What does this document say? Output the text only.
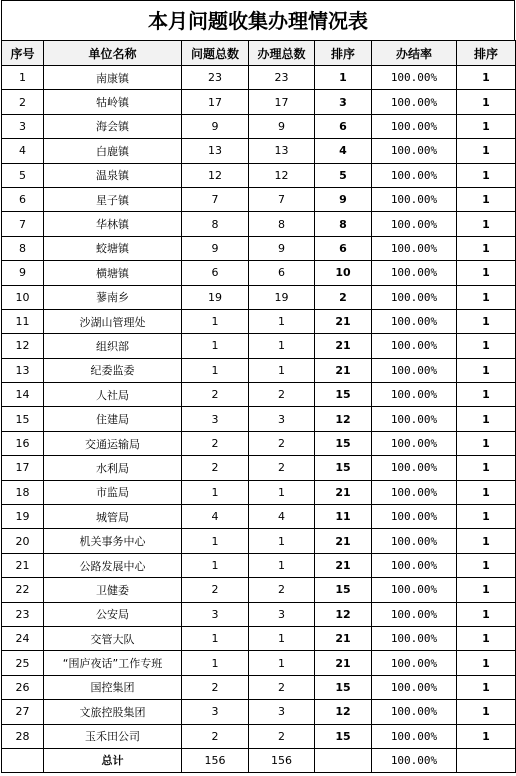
本月问题收集办理情况表
序号	单位名称	问题总数	办理总数	排序	办结率	排序
1	南康镇	23	23	1	100.00%	1
2	牯岭镇	17	17	3	100.00%	1
3	海会镇	9	9	6	100.00%	1
4	白鹿镇	13	13	4	100.00%	1
5	温泉镇	12	12	5	100.00%	1
6	星子镇	7	7	9	100.00%	1
7	华林镇	8	8	8	100.00%	1
8	蛟塘镇	9	9	6	100.00%	1
9	横塘镇	6	6	10	100.00%	1
10	蓼南乡	19	19	2	100.00%	1
11	沙湖山管理处	1	1	21	100.00%	1
12	组织部	1	1	21	100.00%	1
13	纪委监委	1	1	21	100.00%	1
14	人社局	2	2	15	100.00%	1
15	住建局	3	3	12	100.00%	1
16	交通运输局	2	2	15	100.00%	1
17	水利局	2	2	15	100.00%	1
18	市监局	1	1	21	100.00%	1
19	城管局	4	4	11	100.00%	1
20	机关事务中心	1	1	21	100.00%	1
21	公路发展中心	1	1	21	100.00%	1
22	卫健委	2	2	15	100.00%	1
23	公安局	3	3	12	100.00%	1
24	交管大队	1	1	21	100.00%	1
25	“围庐夜话”工作专班	1	1	21	100.00%	1
26	国控集团	2	2	15	100.00%	1
27	文旅控股集团	3	3	12	100.00%	1
28	玉禾田公司	2	2	15	100.00%	1
	总计	156	156		100.00%	
